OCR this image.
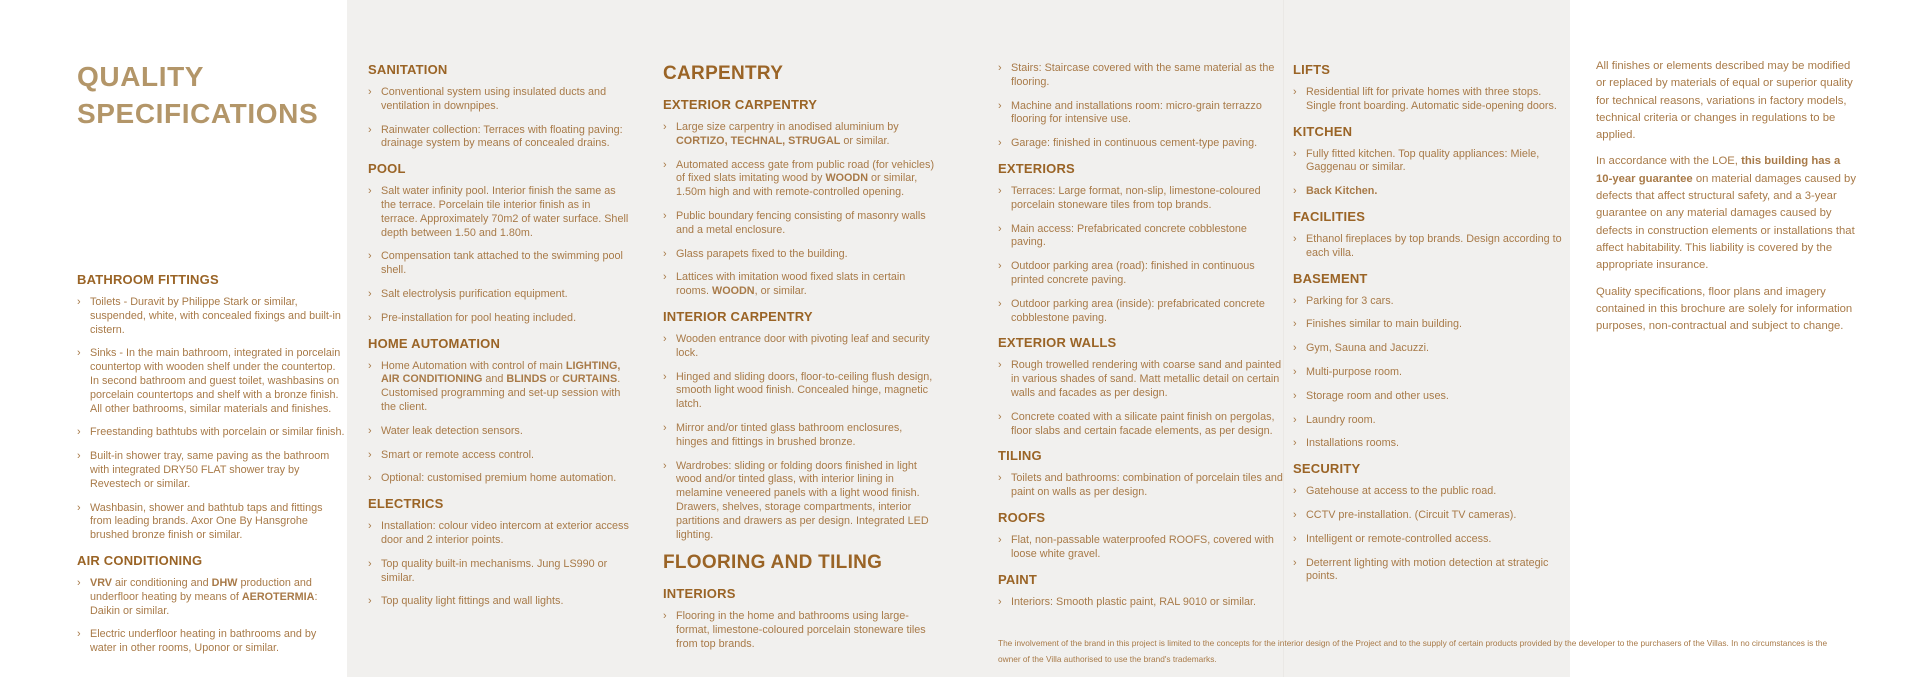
QUALITY
SPECIFICATIONS
BATHROOM FITTINGS
› Toilets - Duravit by Philippe Stark or similar, suspended, white, with concealed fixings and built-in cistern.
› Sinks - In the main bathroom, integrated in porcelain countertop with wooden shelf under the countertop. In second bathroom and guest toilet, washbasins on porcelain countertops and shelf with a bronze finish. All other bathrooms, similar materials and finishes.
› Freestanding bathtubs with porcelain or similar finish.
› Built-in shower tray, same paving as the bathroom with integrated DRY50 FLAT shower tray by Revestech or similar.
› Washbasin, shower and bathtub taps and fittings from leading brands. Axor One By Hansgrohe brushed bronze finish or similar.
AIR CONDITIONING
› VRV air conditioning and DHW production and underfloor heating by means of AEROTERMIA: Daikin or similar.
› Electric underfloor heating in bathrooms and by water in other rooms, Uponor or similar.
SANITATION
› Conventional system using insulated ducts and ventilation in downpipes.
› Rainwater collection: Terraces with floating paving: drainage system by means of concealed drains.
POOL
› Salt water infinity pool. Interior finish the same as the terrace. Porcelain tile interior finish as in terrace. Approximately 70m2 of water surface. Shell depth between 1.50 and 1.80m.
› Compensation tank attached to the swimming pool shell.
› Salt electrolysis purification equipment.
› Pre-installation for pool heating included.
HOME AUTOMATION
› Home Automation with control of main LIGHTING, AIR CONDITIONING and BLINDS or CURTAINS. Customised programming and set-up session with the client.
› Water leak detection sensors.
› Smart or remote access control.
› Optional: customised premium home automation.
ELECTRICS
› Installation: colour video intercom at exterior access door and 2 interior points.
› Top quality built-in mechanisms. Jung LS990 or similar.
› Top quality light fittings and wall lights.
CARPENTRY
EXTERIOR CARPENTRY
› Large size carpentry in anodised aluminium by CORTIZO, TECHNAL, STRUGAL or similar.
› Automated access gate from public road (for vehicles) of fixed slats imitating wood by WOODN or similar, 1.50m high and with remote-controlled opening.
› Public boundary fencing consisting of masonry walls and a metal enclosure.
› Glass parapets fixed to the building.
› Lattices with imitation wood fixed slats in certain rooms. WOODN, or similar.
INTERIOR CARPENTRY
› Wooden entrance door with pivoting leaf and security lock.
› Hinged and sliding doors, floor-to-ceiling flush design, smooth light wood finish. Concealed hinge, magnetic latch.
› Mirror and/or tinted glass bathroom enclosures, hinges and fittings in brushed bronze.
› Wardrobes: sliding or folding doors finished in light wood and/or tinted glass, with interior lining in melamine veneered panels with a light wood finish. Drawers, shelves, storage compartments, interior partitions and drawers as per design. Integrated LED lighting.
FLOORING AND TILING
INTERIORS
› Flooring in the home and bathrooms using large-format, limestone-coloured porcelain stoneware tiles from top brands.
› Stairs: Staircase covered with the same material as the flooring.
› Machine and installations room: micro-grain terrazzo flooring for intensive use.
› Garage: finished in continuous cement-type paving.
EXTERIORS
› Terraces: Large format, non-slip, limestone-coloured porcelain stoneware tiles from top brands.
› Main access: Prefabricated concrete cobblestone paving.
› Outdoor parking area (road): finished in continuous printed concrete paving.
› Outdoor parking area (inside): prefabricated concrete cobblestone paving.
EXTERIOR WALLS
› Rough trowelled rendering with coarse sand and painted in various shades of sand. Matt metallic detail on certain walls and facades as per design.
› Concrete coated with a silicate paint finish on pergolas, floor slabs and certain facade elements, as per design.
TILING
› Toilets and bathrooms: combination of porcelain tiles and paint on walls as per design.
ROOFS
› Flat, non-passable waterproofed ROOFS, covered with loose white gravel.
PAINT
› Interiors: Smooth plastic paint, RAL 9010 or similar.
LIFTS
› Residential lift for private homes with three stops. Single front boarding. Automatic side-opening doors.
KITCHEN
› Fully fitted kitchen. Top quality appliances: Miele, Gaggenau or similar.
› Back Kitchen.
FACILITIES
› Ethanol fireplaces by top brands. Design according to each villa.
BASEMENT
› Parking for 3 cars.
› Finishes similar to main building.
› Gym, Sauna and Jacuzzi.
› Multi-purpose room.
› Storage room and other uses.
› Laundry room.
› Installations rooms.
SECURITY
› Gatehouse at access to the public road.
› CCTV pre-installation. (Circuit TV cameras).
› Intelligent or remote-controlled access.
› Deterrent lighting with motion detection at strategic points.

All finishes or elements described may be modified or replaced by materials of equal or superior quality for technical reasons, variations in factory models, technical criteria or changes in regulations to be applied.

In accordance with the LOE, this building has a 10-year guarantee on material damages caused by defects that affect structural safety, and a 3-year guarantee on any material damages caused by defects in construction elements or installations that affect habitability. This liability is covered by the appropriate insurance.

Quality specifications, floor plans and imagery contained in this brochure are solely for information purposes, non-contractual and subject to change.

The involvement of the brand in this project is limited to the concepts for the interior design of the Project and to the supply of certain products provided by the developer to the purchasers of the Villas. In no circumstances is the owner of the Villa authorised to use the brand's trademarks.
